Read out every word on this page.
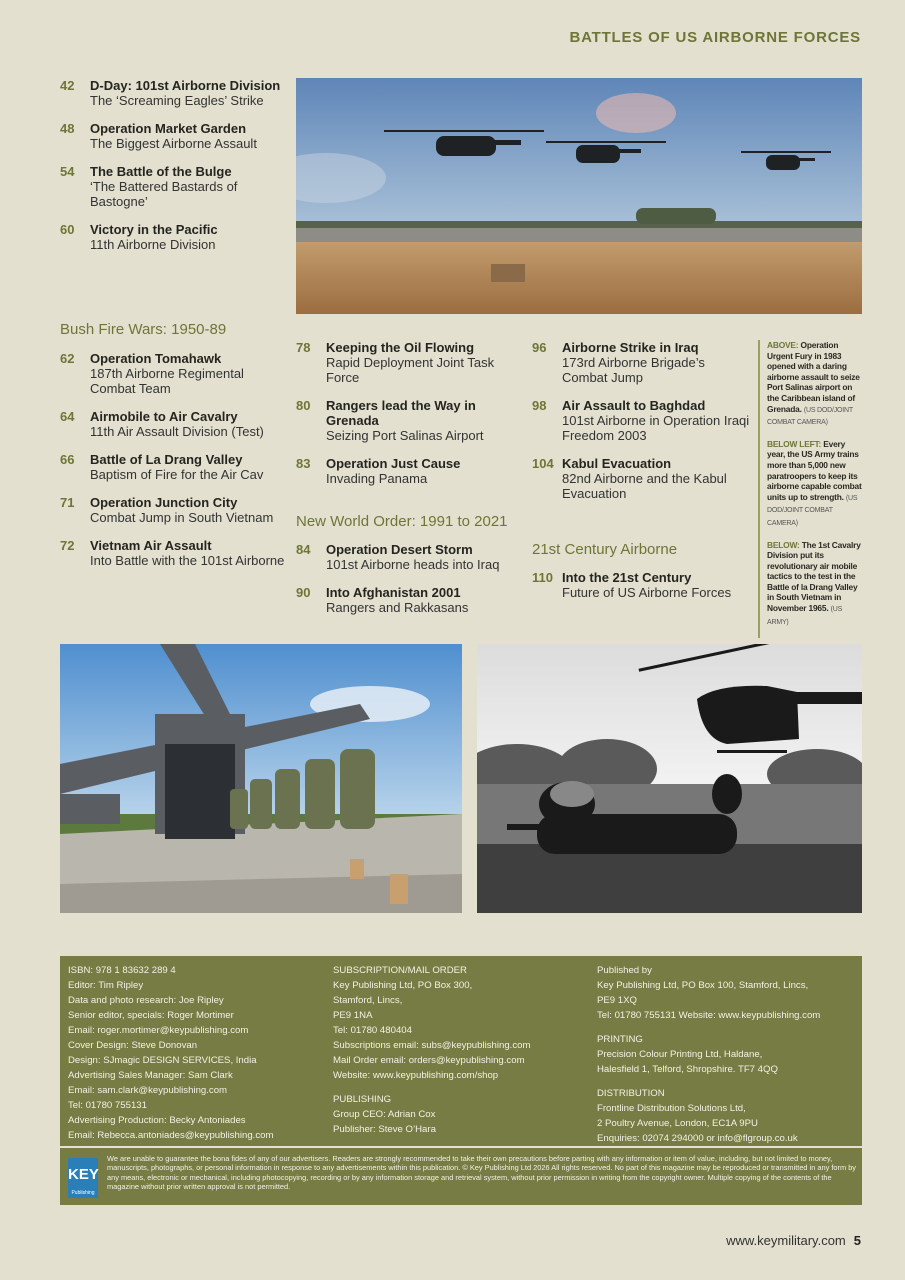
BATTLES OF US AIRBORNE FORCES
42	D-Day: 101st Airborne Division
The ‘Screaming Eagles’ Strike
48	Operation Market Garden
The Biggest Airborne Assault
54	The Battle of the Bulge
‘The Battered Bastards of Bastogne’
60	Victory in the Pacific
11th Airborne Division
Bush Fire Wars: 1950-89
62	Operation Tomahawk
187th Airborne Regimental Combat Team
64	Airmobile to Air Cavalry
11th Air Assault Division (Test)
66	Battle of La Drang Valley
Baptism of Fire for the Air Cav
71	Operation Junction City
Combat Jump in South Vietnam
72	Vietnam Air Assault
Into Battle with the 101st Airborne
78	Keeping the Oil Flowing
Rapid Deployment Joint Task Force
80	Rangers lead the Way in Grenada
Seizing Port Salinas Airport
83	Operation Just Cause
Invading Panama
New World Order: 1991 to 2021
84	Operation Desert Storm
101st Airborne heads into Iraq
90	Into Afghanistan 2001
Rangers and Rakkasans
96	Airborne Strike in Iraq
173rd Airborne Brigade’s Combat Jump
98	Air Assault to Baghdad
101st Airborne in Operation Iraqi Freedom 2003
104 Kabul Evacuation
82nd Airborne and the Kabul Evacuation
21st Century Airborne
110 Into the 21st Century
Future of US Airborne Forces

ABOVE: Operation Urgent Fury in 1983 opened with a daring airborne assault to seize Port Salinas airport on the Caribbean island of Grenada. (US DOD/JOINT COMBAT CAMERA)

BELOW LEFT: Every year, the US Army trains more than 5,000 new paratroopers to keep its airborne capable combat units up to strength. (US DOD/JOINT COMBAT CAMERA)

BELOW: The 1st Cavalry Division put its revolutionary air mobile tactics to the test in the Battle of la Drang Valley in South Vietnam in November 1965. (US ARMY)

ISBN: 978 1 83632 289 4
Editor: Tim Ripley
Data and photo research: Joe Ripley
Senior editor, specials: Roger Mortimer
Email: roger.mortimer@keypublishing.com
Cover Design: Steve Donovan
Design: SJmagic DESIGN SERVICES, India
Advertising Sales Manager: Sam Clark
Email: sam.clark@keypublishing.com
Tel: 01780 755131
Advertising Production: Becky Antoniades
Email: Rebecca.antoniades@keypublishing.com
SUBSCRIPTION/MAIL ORDER
Key Publishing Ltd, PO Box 300,
Stamford, Lincs,
PE9 1NA
Tel: 01780 480404
Subscriptions email: subs@keypublishing.com
Mail Order email: orders@keypublishing.com
Website: www.keypublishing.com/shop
PUBLISHING
Group CEO: Adrian Cox
Publisher: Steve O’Hara
Published by
Key Publishing Ltd, PO Box 100, Stamford, Lincs,
PE9 1XQ
Tel: 01780 755131 Website: www.keypublishing.com
PRINTING
Precision Colour Printing Ltd, Haldane,
Halesfield 1, Telford, Shropshire. TF7 4QQ
DISTRIBUTION
Frontline Distribution Solutions Ltd,
2 Poultry Avenue, London, EC1A 9PU
Enquiries: 02074 294000 or info@flgroup.co.uk
KEY
Publishing
We are unable to guarantee the bona fides of any of our advertisers. Readers are strongly recommended to take their own precautions before parting with any information or item of value, including, but not limited to money, manuscripts, photographs, or personal information in response to any advertisements within this publication. © Key Publishing Ltd 2026 All rights reserved. No part of this magazine may be reproduced or transmitted in any form by any means, electronic or mechanical, including photocopying, recording or by any information storage and retrieval system, without prior permission in writing from the copyright owner. Multiple copying of the contents of the magazine without prior written approval is not permitted.
www.keymilitary.com 5
